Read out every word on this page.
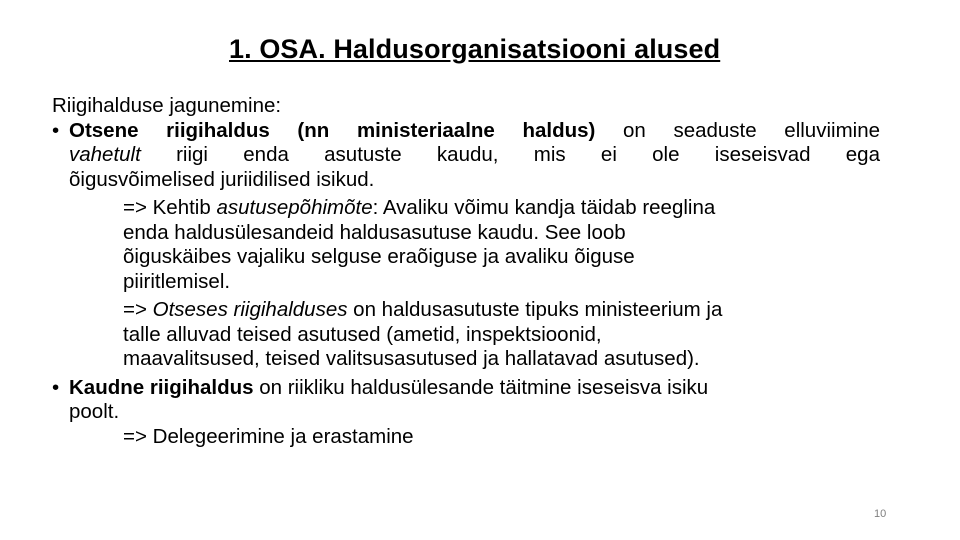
1. OSA. Haldusorganisatsiooni alused
Riigihalduse jagunemine:
• Otsene riigihaldus (nn ministeriaalne haldus) on seaduste elluviimine
vahetult riigi enda asutuste kaudu, mis ei ole iseseisvad ega
õigusvõimelised juriidilised isikud.
=> Kehtib asutusepõhimõte: Avaliku võimu kandja täidab reeglina
enda haldusülesandeid haldusasutuse kaudu. See loob
õiguskäibes vajaliku selguse eraõiguse ja avaliku õiguse
piiritlemisel.
=> Otseses riigihalduses on haldusasutuste tipuks ministeerium ja
talle alluvad teised asutused (ametid, inspektsioonid,
maavalitsused, teised valitsusasutused ja hallatavad asutused).
• Kaudne riigihaldus on riikliku haldusülesande täitmine iseseisva isiku
poolt.
=> Delegeerimine ja erastamine
10
